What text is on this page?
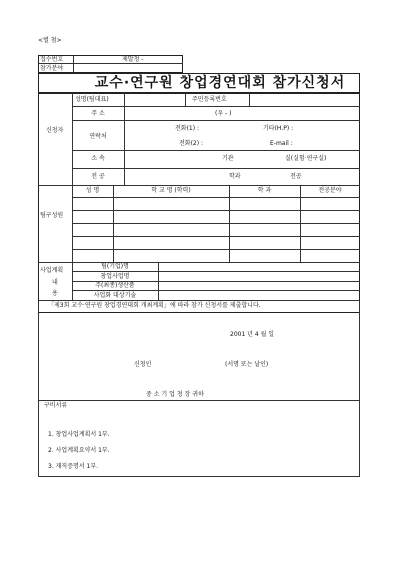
<별 첨>
접수번호	제발청 -
참가분야
교수·연구원 창업경연대회 참가신청서
신청자
성명(팀대표)	주민등록번호
주 소	(우 - )
연락처
전화(1) :	기타(H.P) :
전화(2) :	E-mail :
소 속	기관	실(실험·연구실)
전 공	학과	전공
팀구성원
성 명	학 교 명 (학력)	학 과	전공분야
사업계획
내
용
팀(기업)명
창업사업명
주(최종)생산품
사업화 대상기술
「제3회 교수·연구원 창업경연대회 개최계획」에 따라 참가 신청서를 제출합니다.
2001 년 4 월 일
신청인	(서명 또는 날인)
중 소 기 업 청 장 귀하
구비서류
1. 창업사업계획서 1부.
2. 사업계획요약서 1부.
3. 재직증명서 1부.
